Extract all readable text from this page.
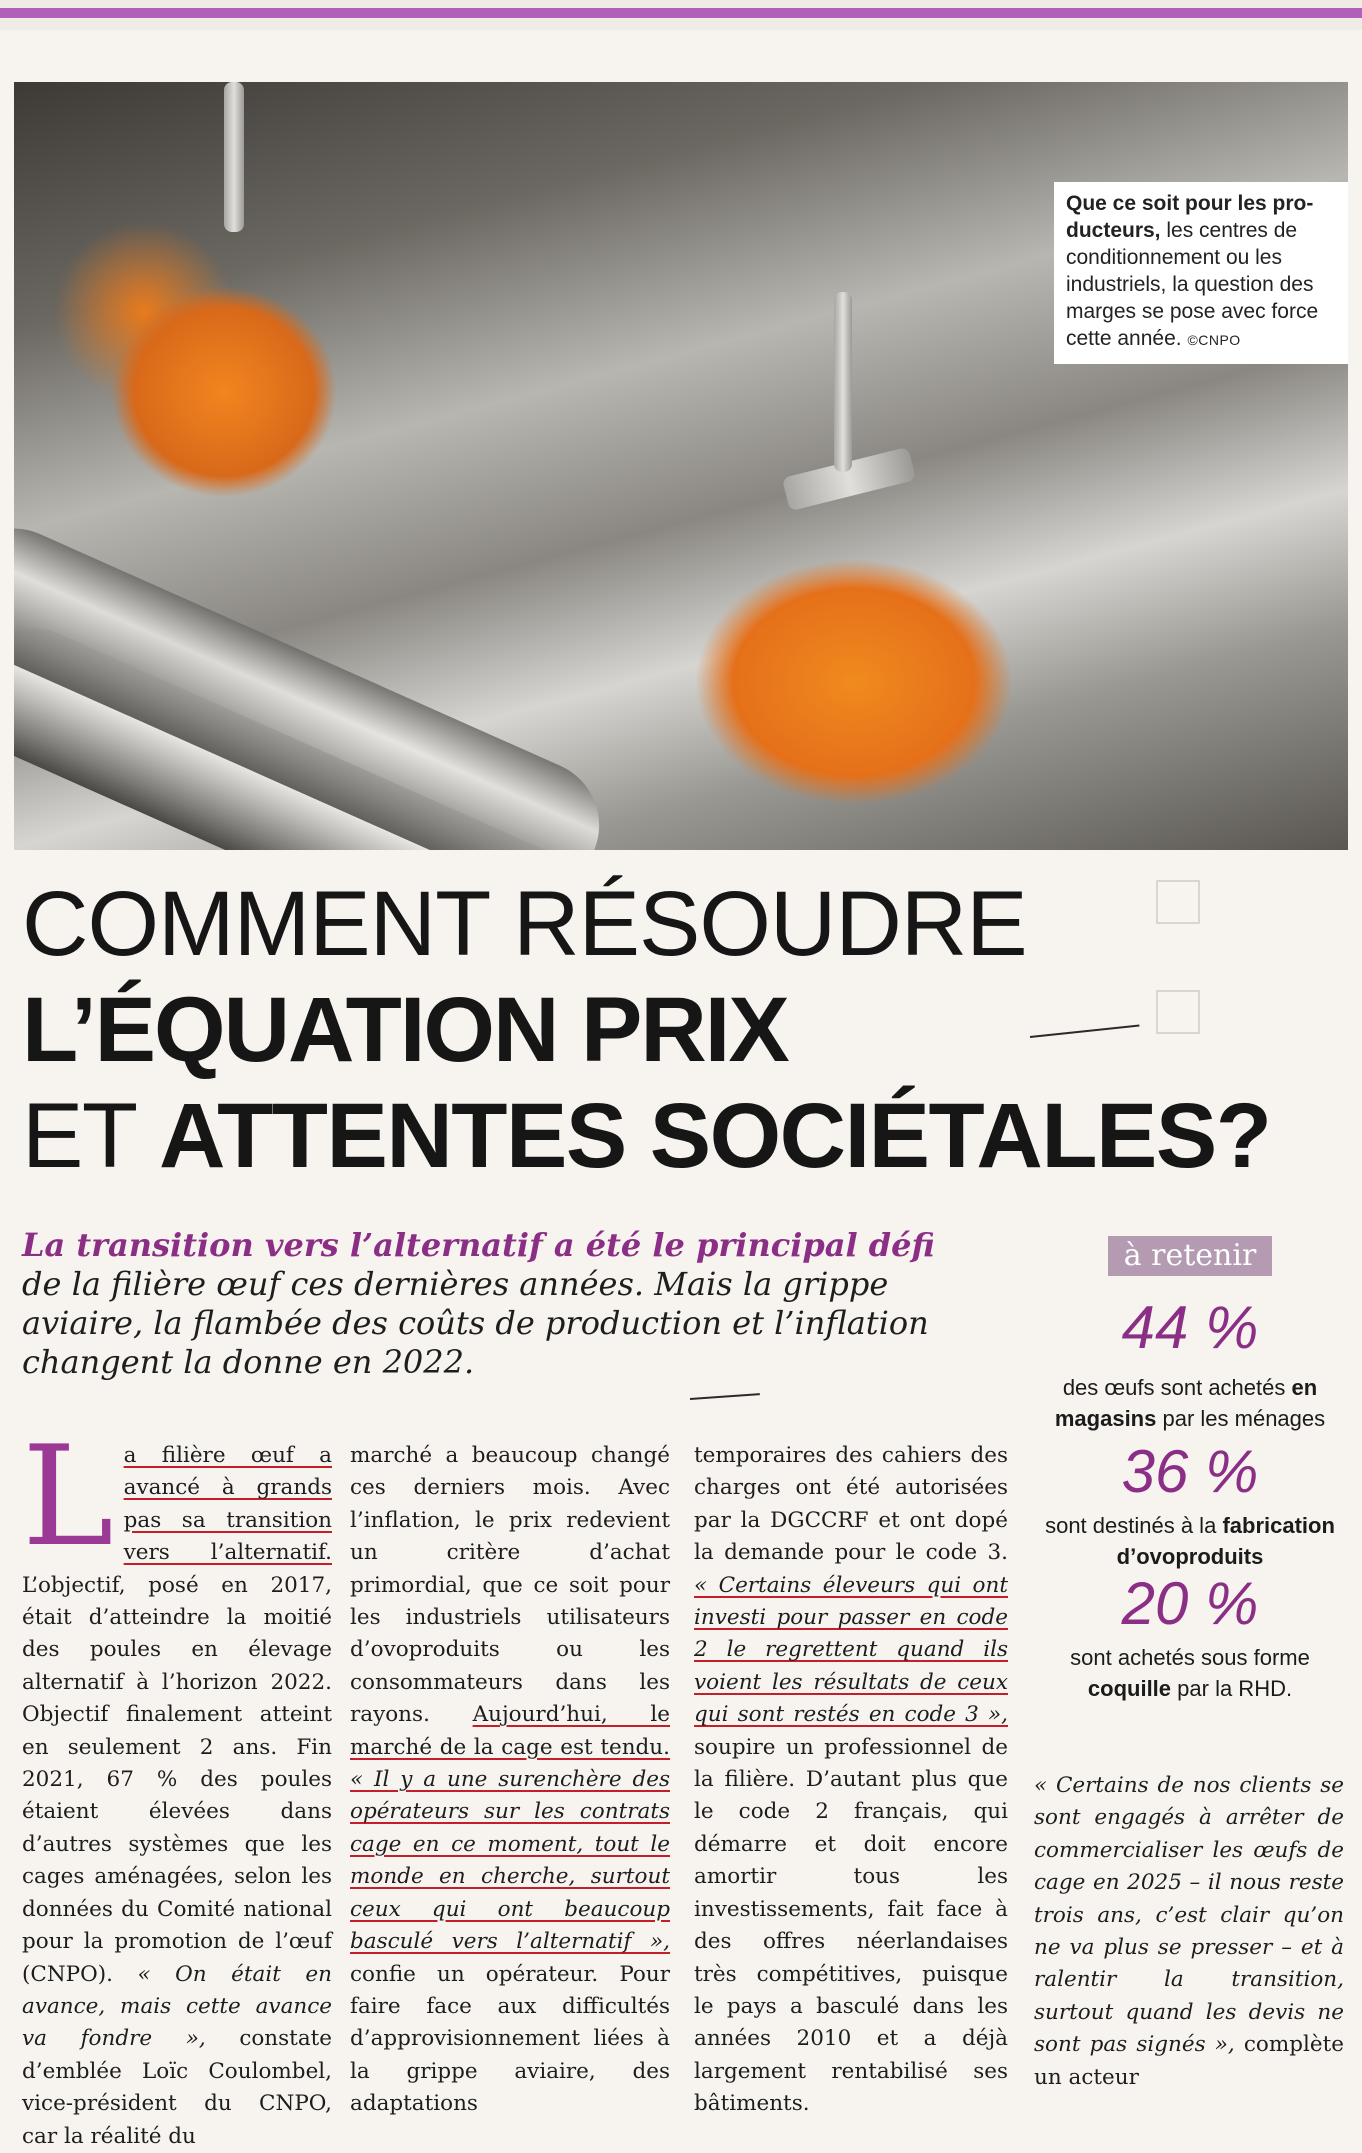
Que ce soit pour les pro-ducteurs, les centres de conditionnement ou les industriels, la question des marges se pose avec force cette année. ©CNPO
COMMENT RÉSOUDRE
L’ÉQUATION PRIX
ET ATTENTES SOCIÉTALES?
La transition vers l’alternatif a été le principal défi de la filière œuf ces dernières années. Mais la grippe aviaire, la flambée des coûts de production et l’inflation changent la donne en 2022.
à retenir
44 %
des œufs sont achetés en magasins par les ménages
36 %
sont destinés à la fabrication d’ovoproduits
20 %
sont achetés sous forme coquille par la RHD.
L a filière œuf a avancé à grands pas sa transition vers l’alternatif. L’objectif, posé en 2017, était d’atteindre la moitié des poules en élevage alternatif à l’horizon 2022. Objectif finalement atteint en seulement 2 ans. Fin 2021, 67 % des poules étaient élevées dans d’autres systèmes que les cages aménagées, selon les données du Comité national pour la promotion de l’œuf (CNPO). « On était en avance, mais cette avance va fondre », constate d’emblée Loïc Coulombel, vice-président du CNPO, car la réalité du
marché a beaucoup changé ces derniers mois. Avec l’inflation, le prix redevient un critère d’achat primordial, que ce soit pour les industriels utilisateurs d’ovoproduits ou les consommateurs dans les rayons. Aujourd’hui, le marché de la cage est tendu. « Il y a une surenchère des opérateurs sur les contrats cage en ce moment, tout le monde en cherche, surtout ceux qui ont beaucoup basculé vers l’alternatif », confie un opérateur. Pour faire face aux difficultés d’approvisionnement liées à la grippe aviaire, des adaptations
temporaires des cahiers des charges ont été autorisées par la DGCCRF et ont dopé la demande pour le code 3. « Certains éleveurs qui ont investi pour passer en code 2 le regrettent quand ils voient les résultats de ceux qui sont restés en code 3 », soupire un professionnel de la filière. D’autant plus que le code 2 français, qui démarre et doit encore amortir tous les investissements, fait face à des offres néerlandaises très compétitives, puisque le pays a basculé dans les années 2010 et a déjà largement rentabilisé ses bâtiments.
« Certains de nos clients se sont engagés à arrêter de commercialiser les œufs de cage en 2025 – il nous reste trois ans, c’est clair qu’on ne va plus se presser – et à ralentir la transition, surtout quand les devis ne sont pas signés », complète un acteur
